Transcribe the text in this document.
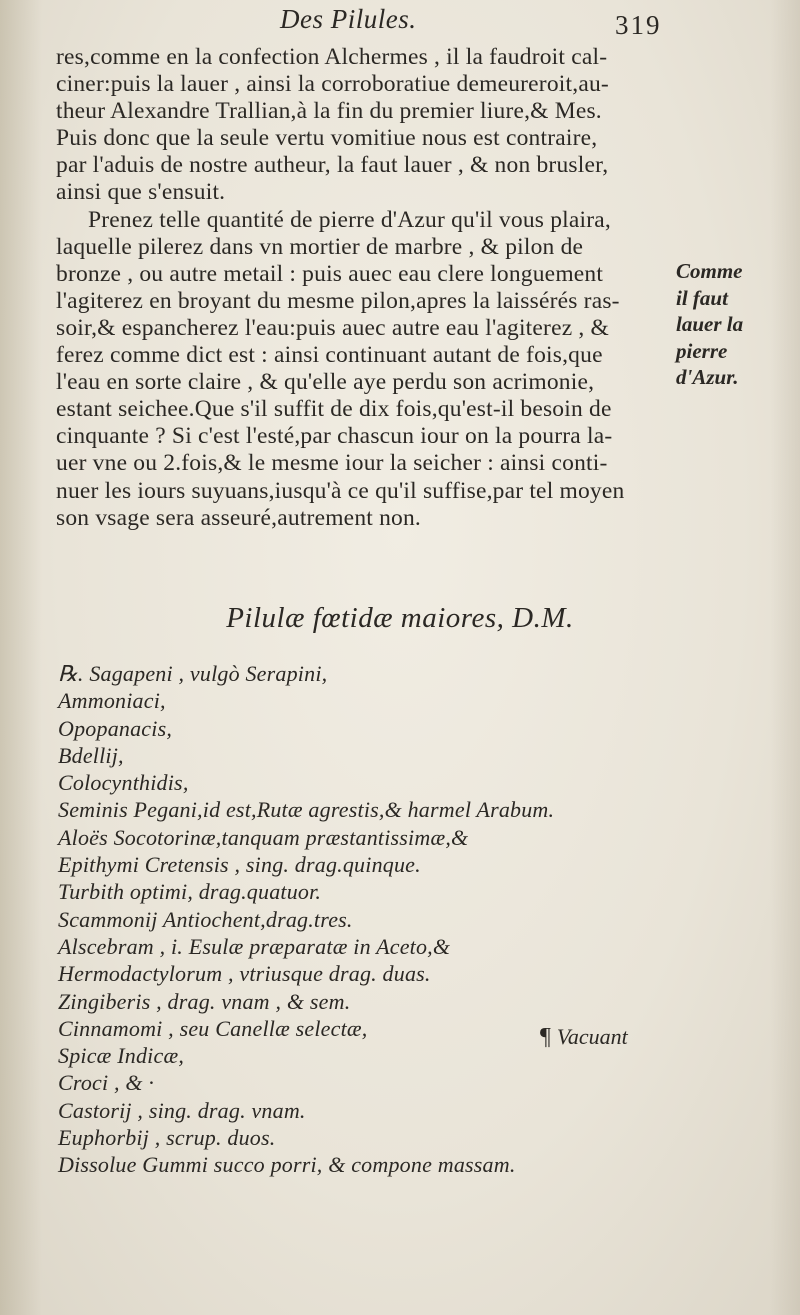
Des Pilules.	319
res,comme en la confection Alchermes , il la faudroit cal-
ciner:puis la lauer , ainsi la corroboratiue demeureroit,au-
theur Alexandre Trallian,à la fin du premier liure,& Mes.
Puis donc que la seule vertu vomitiue nous est contraire,
par l'aduis de nostre autheur, la faut lauer , & non brusler,
ainsi que s'ensuit.
Prenez telle quantité de pierre d'Azur qu'il vous plaira,
laquelle pilerez dans vn mortier de marbre , & pilon de
bronze , ou autre metail : puis auec eau clere longuement
l'agiterez en broyant du mesme pilon,apres la laissérés ras-
soir,& espancherez l'eau:puis auec autre eau l'agiterez , &
ferez comme dict est : ainsi continuant autant de fois,que
l'eau en sorte claire , & qu'elle aye perdu son acrimonie,
estant seichee.Que s'il suffit de dix fois,qu'est-il besoin de
cinquante ? Si c'est l'esté,par chascun iour on la pourra la-
uer vne ou 2.fois,& le mesme iour la seicher : ainsi conti-
nuer les iours suyuans,iusqu'à ce qu'il suffise,par tel moyen
son vsage sera asseuré,autrement non.
Comme
il faut
lauer la
pierre
d'Azur.
Pilulæ fœtidæ maiores, D.M.
℞. Sagapeni , vulgò Serapini,
Ammoniaci,
Opopanacis,
Bdellij,
Colocynthidis,
Seminis Pegani,id est,Rutæ agrestis,& harmel Arabum.
Aloës Socotorinæ,tanquam præstantissimæ,&
Epithymi Cretensis , sing. drag.quinque.
Turbith optimi, drag.quatuor.
Scammonij Antiochent,drag.tres.
Alscebram , i. Esulæ præparatæ in Aceto,&
Hermodactylorum , vtriusque drag. duas.
Zingiberis , drag. vnam , & sem.
Cinnamomi , seu Canellæ selectæ,
Spicæ Indicæ,
Croci , & ·
Castorij , sing. drag. vnam.
Euphorbij , scrup. duos.
Dissolue Gummi succo porri, & compone massam.
¶ Vacuant
